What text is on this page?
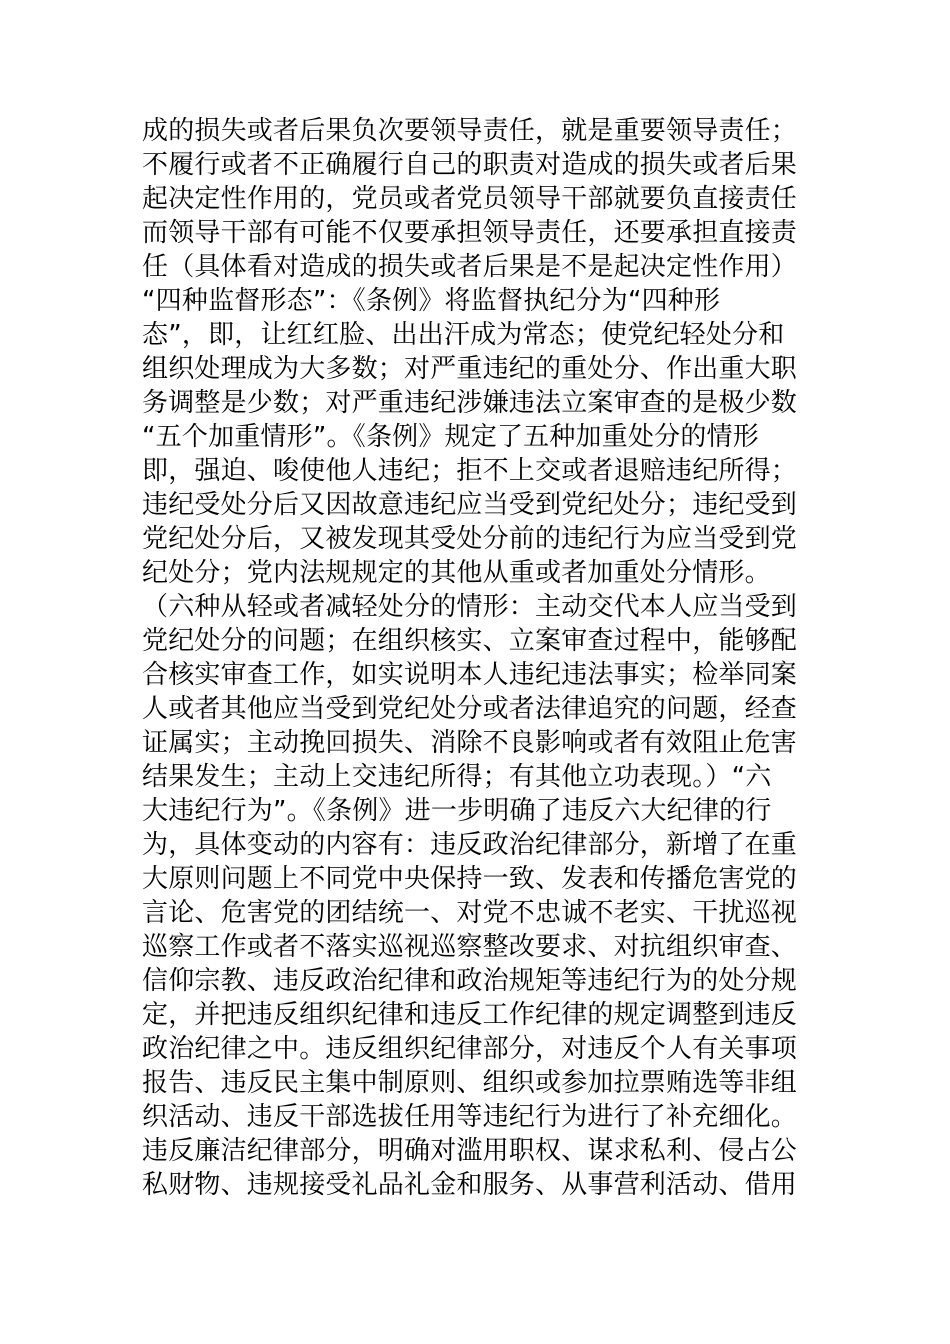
成的损失或者后果负次要领导责任，就是重要领导责任；
不履行或者不正确履行自己的职责对造成的损失或者后果
起决定性作用的，党员或者党员领导干部就要负直接责任
而领导干部有可能不仅要承担领导责任，还要承担直接责
任（具体看对造成的损失或者后果是不是起决定性作用）
“四种监督形态”：《条例》将监督执纪分为“四种形
态”，即，让红红脸、出出汗成为常态；使党纪轻处分和
组织处理成为大多数；对严重违纪的重处分、作出重大职
务调整是少数；对严重违纪涉嫌违法立案审查的是极少数
“五个加重情形”。《条例》规定了五种加重处分的情形
即，强迫、唆使他人违纪；拒不上交或者退赔违纪所得；
违纪受处分后又因故意违纪应当受到党纪处分；违纪受到
党纪处分后，又被发现其受处分前的违纪行为应当受到党
纪处分；党内法规规定的其他从重或者加重处分情形。
（六种从轻或者减轻处分的情形：主动交代本人应当受到
党纪处分的问题；在组织核实、立案审查过程中，能够配
合核实审查工作，如实说明本人违纪违法事实；检举同案
人或者其他应当受到党纪处分或者法律追究的问题，经查
证属实；主动挽回损失、消除不良影响或者有效阻止危害
结果发生；主动上交违纪所得；有其他立功表现。）“六
大违纪行为”。《条例》进一步明确了违反六大纪律的行
为，具体变动的内容有：违反政治纪律部分，新增了在重
大原则问题上不同党中央保持一致、发表和传播危害党的
言论、危害党的团结统一、对党不忠诚不老实、干扰巡视
巡察工作或者不落实巡视巡察整改要求、对抗组织审查、
信仰宗教、违反政治纪律和政治规矩等违纪行为的处分规
定，并把违反组织纪律和违反工作纪律的规定调整到违反
政治纪律之中。违反组织纪律部分，对违反个人有关事项
报告、违反民主集中制原则、组织或参加拉票贿选等非组
织活动、违反干部选拔任用等违纪行为进行了补充细化。
违反廉洁纪律部分，明确对滥用职权、谋求私利、侵占公
私财物、违规接受礼品礼金和服务、从事营利活动、借用
